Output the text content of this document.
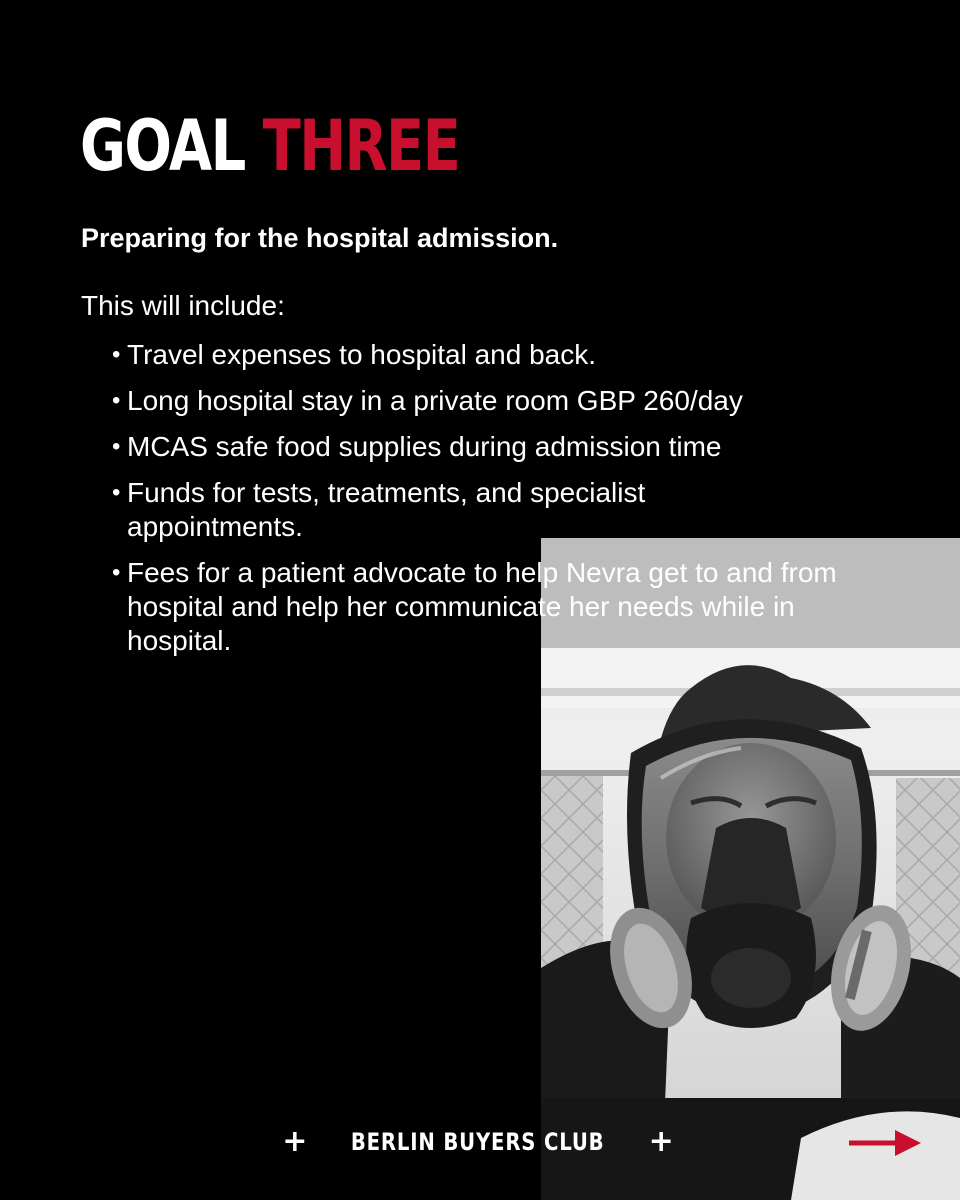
GOAL THREE

Preparing for the hospital admission.

This will include:

• Travel expenses to hospital and back.
• Long hospital stay in a private room GBP 260/day
• MCAS safe food supplies during admission time
• Funds for tests, treatments, and specialist appointments.
• Fees for a patient advocate to help Nevra get to and from hospital and help her communicate her needs while in hospital.
+ BERLIN BUYERS CLUB +
